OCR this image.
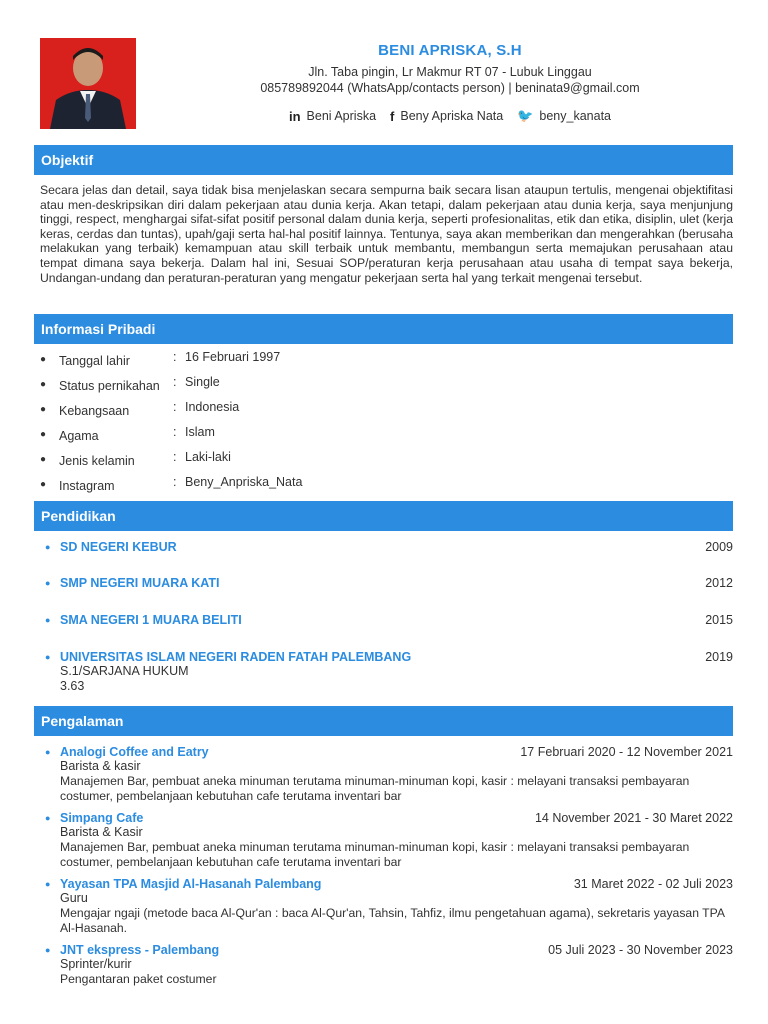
BENI APRISKA, S.H
Jln. Taba pingin, Lr Makmur RT 07 - Lubuk Linggau
085789892044 (WhatsApp/contacts person) | beninata9@gmail.com
in Beni Apriska f Beny Apriska Nata 🐦 beny_kanata
Objektif
Secara jelas dan detail, saya tidak bisa menjelaskan secara sempurna baik secara lisan ataupun tertulis, mengenai objektifitasi atau men-deskripsikan diri dalam pekerjaan atau dunia kerja. Akan tetapi, dalam pekerjaan atau dunia kerja, saya menjunjung tinggi, respect, menghargai sifat-sifat positif personal dalam dunia kerja, seperti profesionalitas, etik dan etika, disiplin, ulet (kerja keras, cerdas dan tuntas), upah/gaji serta hal-hal positif lainnya. Tentunya, saya akan memberikan dan mengerahkan (berusaha melakukan yang terbaik) kemampuan atau skill terbaik untuk membantu, membangun serta memajukan perusahaan atau tempat dimana saya bekerja. Dalam hal ini, Sesuai SOP/peraturan kerja perusahaan atau usaha di tempat saya bekerja, Undangan-undang dan peraturan-peraturan yang mengatur pekerjaan serta hal yang terkait mengenai tersebut.
Informasi Pribadi
● Tanggal lahir	: 16 Februari 1997
● Status pernikahan : Single
● Kebangsaan	: Indonesia
● Agama	: Islam
● Jenis kelamin	: Laki-laki
● Instagram	: Beny_Anpriska_Nata
Pendidikan
● SD NEGERI KEBUR	2009
● SMP NEGERI MUARA KATI	2012
● SMA NEGERI 1 MUARA BELITI	2015
● UNIVERSITAS ISLAM NEGERI RADEN FATAH PALEMBANG	2019
S.1/SARJANA HUKUM
3.63
Pengalaman
● Analogi Coffee and Eatry	17 Februari 2020 - 12 November 2021
Barista & kasir
Manajemen Bar, pembuat aneka minuman terutama minuman-minuman kopi, kasir : melayani transaksi pembayaran costumer, pembelanjaan kebutuhan cafe terutama inventari bar
● Simpang Cafe	14 November 2021 - 30 Maret 2022
Barista & Kasir
Manajemen Bar, pembuat aneka minuman terutama minuman-minuman kopi, kasir : melayani transaksi pembayaran costumer, pembelanjaan kebutuhan cafe terutama inventari bar
● Yayasan TPA Masjid Al-Hasanah Palembang	31 Maret 2022 - 02 Juli 2023
Guru
Mengajar ngaji (metode baca Al-Qur'an : baca Al-Qur'an, Tahsin, Tahfiz, ilmu pengetahuan agama), sekretaris yayasan TPA Al-Hasanah.
● JNT ekspress - Palembang	05 Juli 2023 - 30 November 2023
Sprinter/kurir
Pengantaran paket costumer
